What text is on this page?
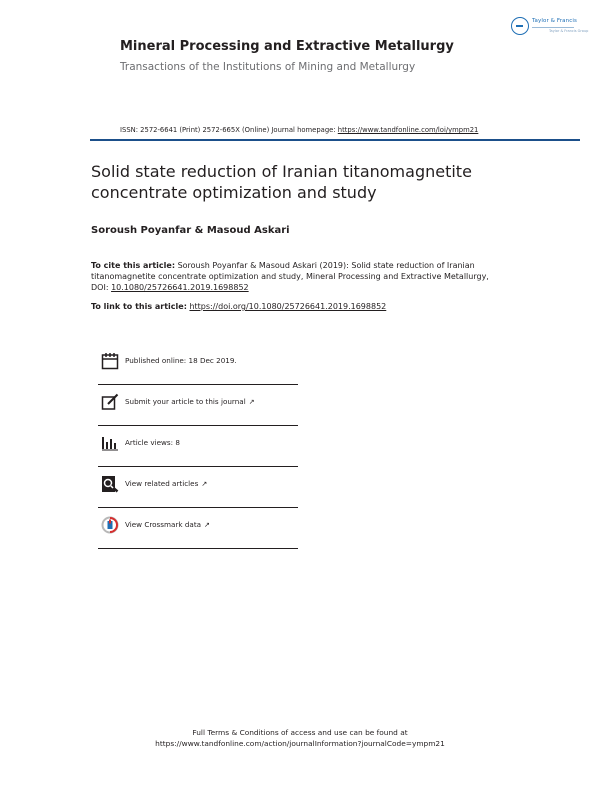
Taylor & Francis
Taylor & Francis Group
Mineral Processing and Extractive Metallurgy
Transactions of the Institutions of Mining and Metallurgy
ISSN: 2572-6641 (Print) 2572-665X (Online) Journal homepage: https://www.tandfonline.com/loi/ympm21
Solid state reduction of Iranian titanomagnetite concentrate optimization and study
Soroush Poyanfar & Masoud Askari
To cite this article: Soroush Poyanfar & Masoud Askari (2019): Solid state reduction of Iranian titanomagnetite concentrate optimization and study, Mineral Processing and Extractive Metallurgy, DOI: 10.1080/25726641.2019.1698852
To link to this article: https://doi.org/10.1080/25726641.2019.1698852
Published online: 18 Dec 2019.
Submit your article to this journal ↗
Article views: 8
View related articles ↗
View Crossmark data ↗
Full Terms & Conditions of access and use can be found at
https://www.tandfonline.com/action/journalInformation?journalCode=ympm21
